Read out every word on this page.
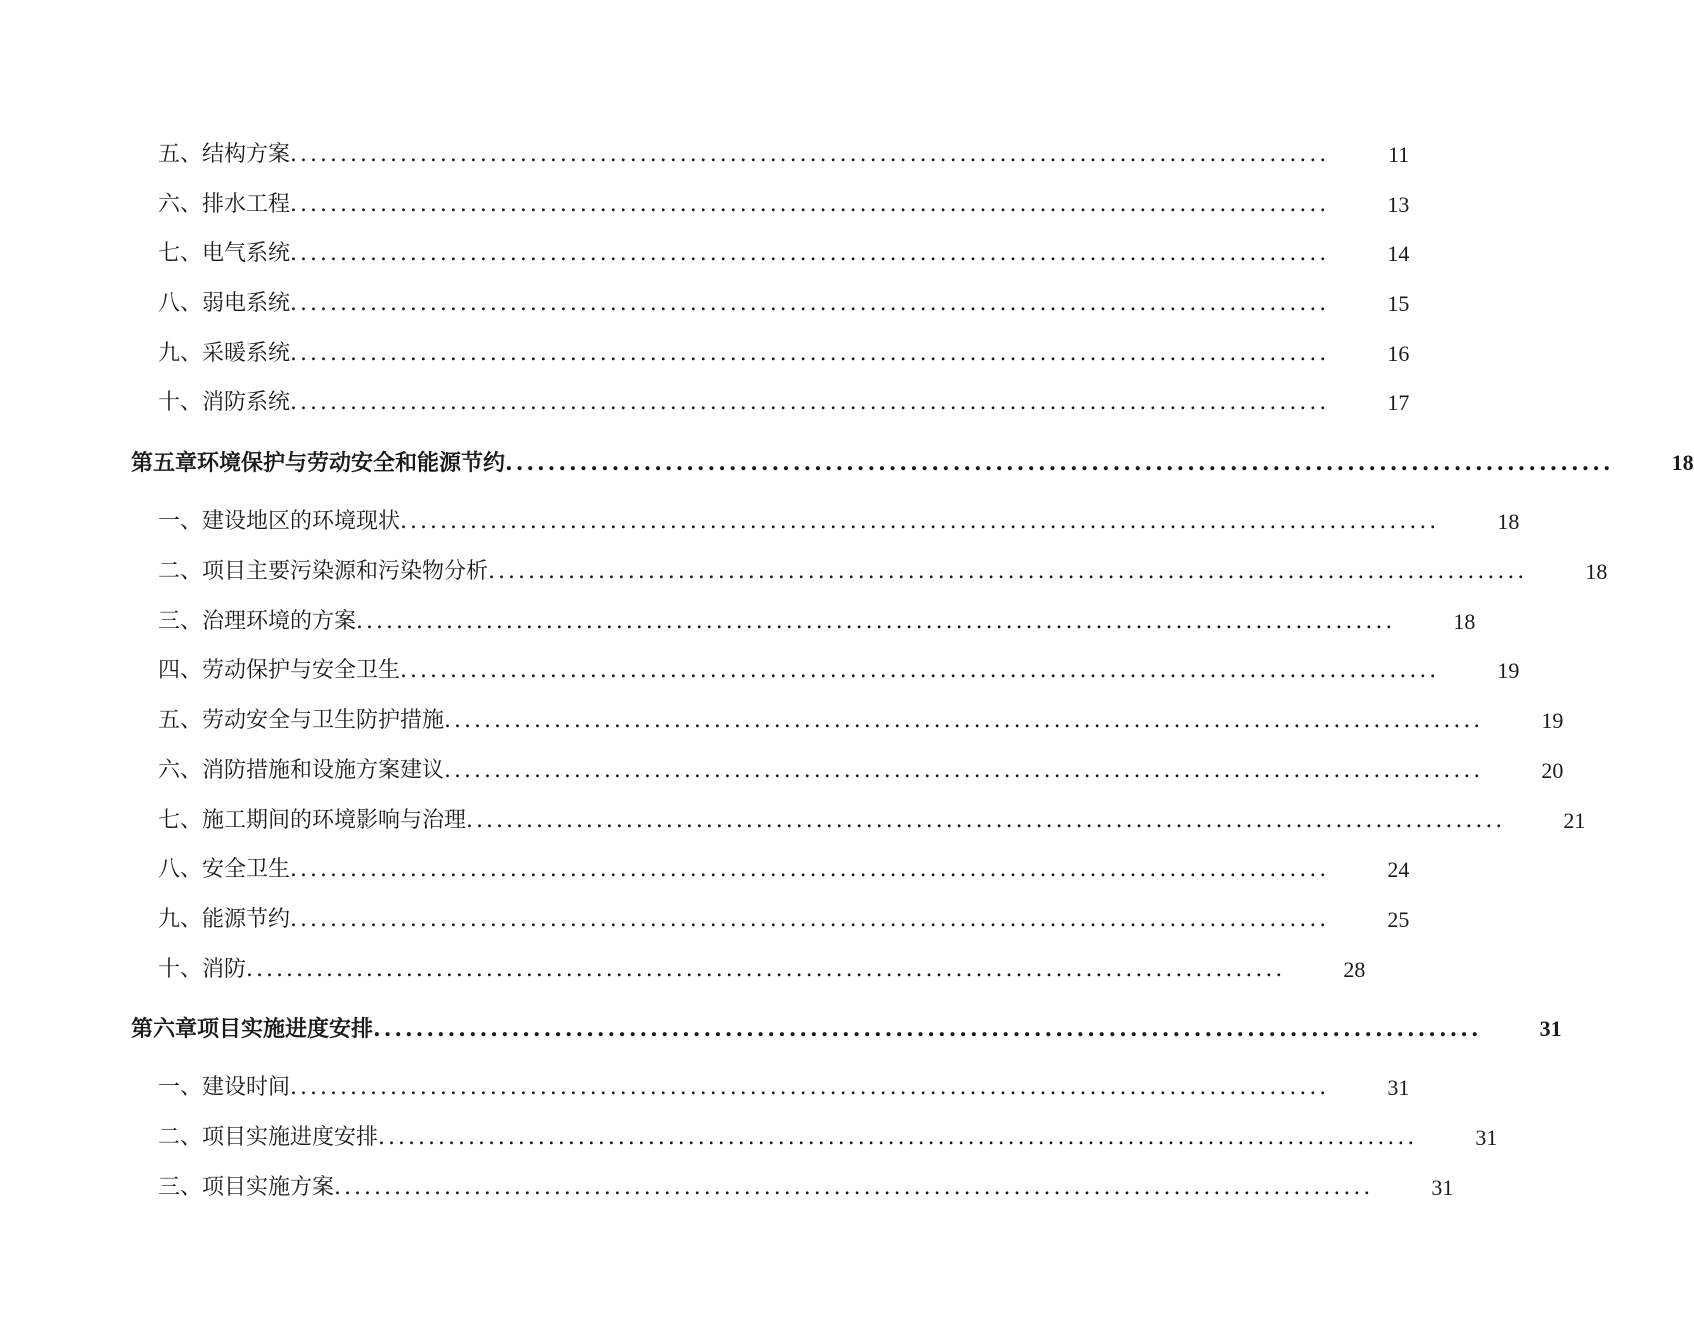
五、结构方案 ........................................................................................................	11
六、排水工程 ........................................................................................................	13
七、电气系统 ........................................................................................................	14
八、弱电系统 ........................................................................................................	15
九、采暖系统 ........................................................................................................	16
十、消防系统 ........................................................................................................	17
第五章 环境保护与劳动安全和能源节约 ........................................................................................................	18
一、建设地区的环境现状 ........................................................................................................	18
二、项目主要污染源和污染物分析 ........................................................................................................	18
三、治理环境的方案 ........................................................................................................	18
四、劳动保护与安全卫生 ........................................................................................................	19
五、劳动安全与卫生防护措施 ........................................................................................................	19
六、消防措施和设施方案建议 ........................................................................................................	20
七、施工期间的环境影响与治理 ........................................................................................................	21
八、安全卫生 ........................................................................................................	24
九、能源节约 ........................................................................................................	25
十、消防 ........................................................................................................	28
第六章 项目实施进度安排 ........................................................................................................	31
一、建设时间 ........................................................................................................	31
二、项目实施进度安排 ........................................................................................................	31
三、项目实施方案 ........................................................................................................	31
